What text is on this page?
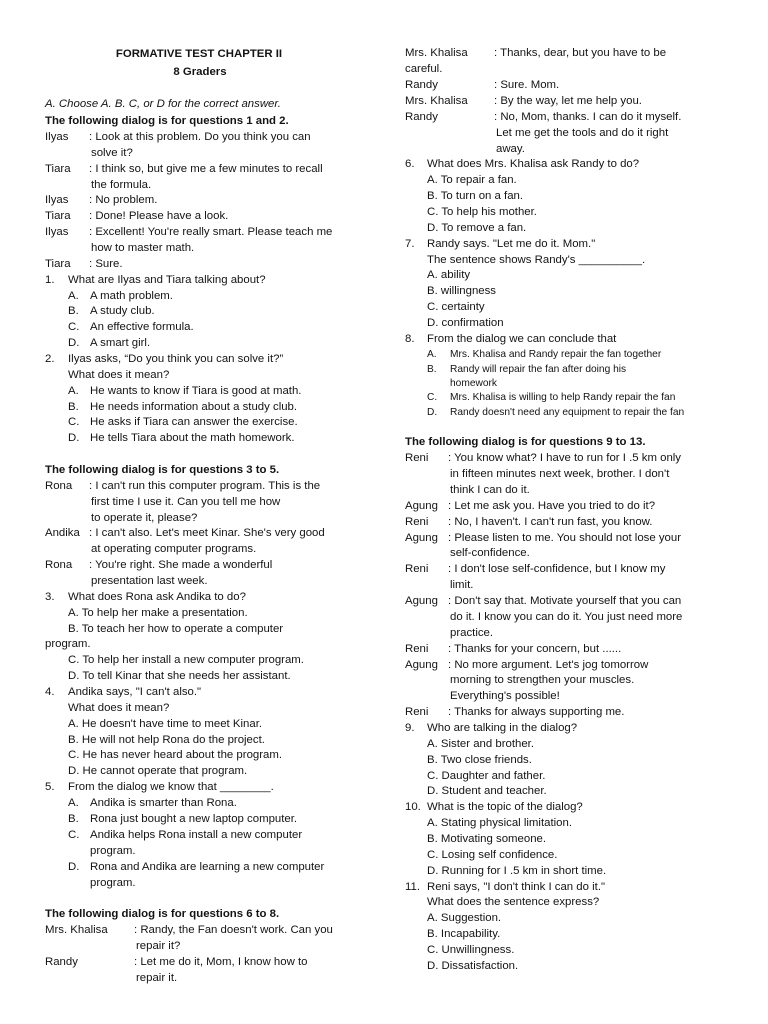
FORMATIVE TEST CHAPTER II
8 Graders
A. Choose A. B. C, or D for the correct answer.
The following dialog is for questions 1 and 2.
Ilyas : Look at this problem. Do you think you can
solve it?
Tiara : I think so, but give me a few minutes to recall
the formula.
Ilyas : No problem.
Tiara : Done! Please have a look.
Ilyas : Excellent! You're really smart. Please teach me
how to master math.
Tiara : Sure.
1. What are Ilyas and Tiara talking about?
A. A math problem.
B. A study club.
C. An effective formula.
D. A smart girl.
2. Ilyas asks, “Do you think you can solve it?”
What does it mean?
A. He wants to know if Tiara is good at math.
B. He needs information about a study club.
C. He asks if Tiara can answer the exercise.
D. He tells Tiara about the math homework.
The following dialog is for questions 3 to 5.
Rona : I can't run this computer program. This is the
first time I use it. Can you tell me how
to operate it, please?
Andika : I can't also. Let's meet Kinar. She's very good
at operating computer programs.
Rona : You're right. She made a wonderful
presentation last week.
3. What does Rona ask Andika to do?
A. To help her make a presentation.
B. To teach her how to operate a computer
program.
C. To help her install a new computer program.
D. To tell Kinar that she needs her assistant.
4. Andika says, "I can't also."
What does it mean?
A. He doesn't have time to meet Kinar.
B. He will not help Rona do the project.
C. He has never heard about the program.
D. He cannot operate that program.
5. From the dialog we know that ________.
A. Andika is smarter than Rona.
B. Rona just bought a new laptop computer.
C. Andika helps Rona install a new computer
program.
D. Rona and Andika are learning a new computer
program.
The following dialog is for questions 6 to 8.
Mrs. Khalisa : Randy, the Fan doesn't work. Can you
repair it?
Randy	: Let me do it, Mom, I know how to
repair it.
Mrs. Khalisa : Thanks, dear, but you have to be
careful.
Randy	: Sure. Mom.
Mrs. Khalisa : By the way, let me help you.
Randy	: No, Mom, thanks. I can do it myself.
Let me get the tools and do it right
away.
6. What does Mrs. Khalisa ask Randy to do?
A. To repair a fan.
B. To turn on a fan.
C. To help his mother.
D. To remove a fan.
7. Randy says. "Let me do it. Mom."
The sentence shows Randy's __________.
A. ability
B. willingness
C. certainty
D. confirmation
8. From the dialog we can conclude that
A. Mrs. Khalisa and Randy repair the fan together
B. Randy will repair the fan after doing his
homework
C. Mrs. Khalisa is willing to help Randy repair the fan
D. Randy doesn't need any equipment to repair the fan
The following dialog is for questions 9 to 13.
Reni : You know what? I have to run for I .5 km only
in fifteen minutes next week, brother. I don't
think I can do it.
Agung : Let me ask you. Have you tried to do it?
Reni : No, I haven't. I can't run fast, you know.
Agung : Please listen to me. You should not lose your
self-confidence.
Reni : I don't lose self-confidence, but I know my
limit.
Agung : Don't say that. Motivate yourself that you can
do it. I know you can do it. You just need more
practice.
Reni : Thanks for your concern, but ......
Agung : No more argument. Let's jog tomorrow
morning to strengthen your muscles.
Everything's possible!
Reni : Thanks for always supporting me.
9. Who are talking in the dialog?
A. Sister and brother.
B. Two close friends.
C. Daughter and father.
D. Student and teacher.
10. What is the topic of the dialog?
A. Stating physical limitation.
B. Motivating someone.
C. Losing self confidence.
D. Running for I .5 km in short time.
11. Reni says, "I don't think I can do it."
What does the sentence express?
A. Suggestion.
B. Incapability.
C. Unwillingness.
D. Dissatisfaction.
